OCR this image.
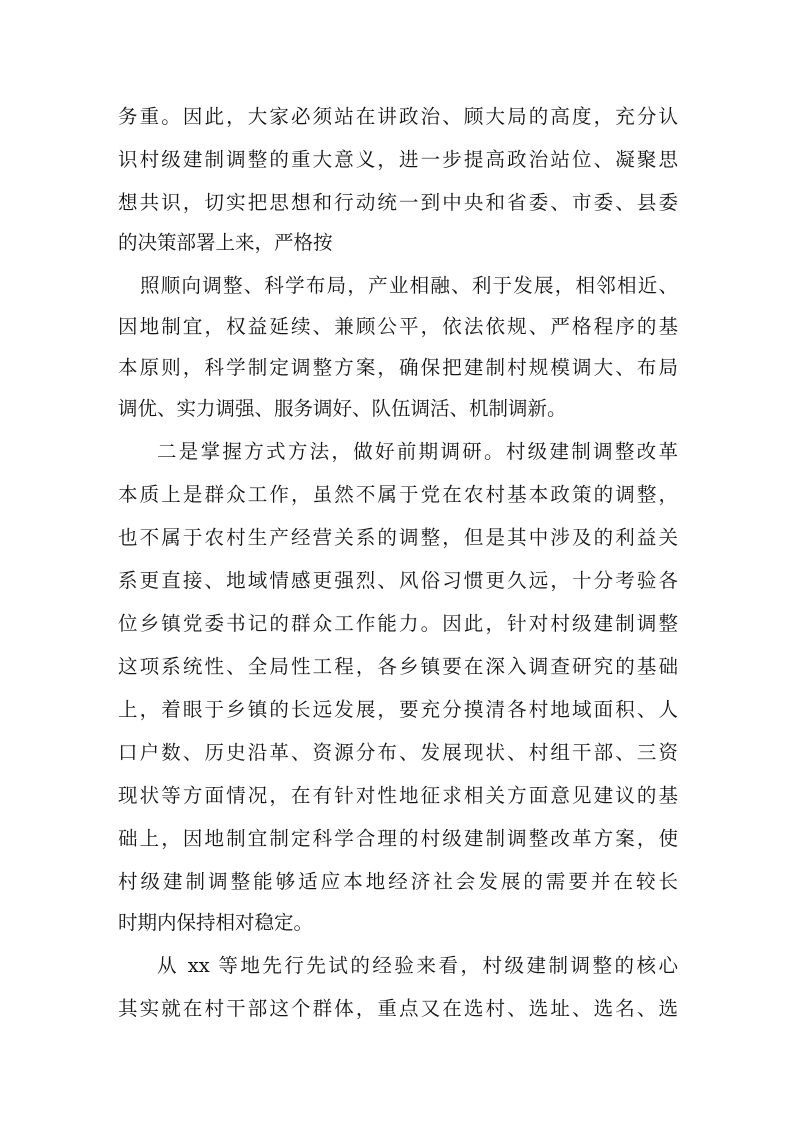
务重。因此，大家必须站在讲政治、顾大局的高度，充分认
识村级建制调整的重大意义，进一步提高政治站位、凝聚思
想共识，切实把思想和行动统一到中央和省委、市委、县委
的决策部署上来，严格按
照顺向调整、科学布局，产业相融、利于发展，相邻相近、
因地制宜，权益延续、兼顾公平，依法依规、严格程序的基
本原则，科学制定调整方案，确保把建制村规模调大、布局
调优、实力调强、服务调好、队伍调活、机制调新。
二是掌握方式方法，做好前期调研。村级建制调整改革
本质上是群众工作，虽然不属于党在农村基本政策的调整，
也不属于农村生产经营关系的调整，但是其中涉及的利益关
系更直接、地域情感更强烈、风俗习惯更久远，十分考验各
位乡镇党委书记的群众工作能力。因此，针对村级建制调整
这项系统性、全局性工程，各乡镇要在深入调查研究的基础
上，着眼于乡镇的长远发展，要充分摸清各村地域面积、人
口户数、历史沿革、资源分布、发展现状、村组干部、三资
现状等方面情况，在有针对性地征求相关方面意见建议的基
础上，因地制宜制定科学合理的村级建制调整改革方案，使
村级建制调整能够适应本地经济社会发展的需要并在较长
时期内保持相对稳定。
从 xx 等地先行先试的经验来看，村级建制调整的核心
其实就在村干部这个群体，重点又在选村、选址、选名、选
